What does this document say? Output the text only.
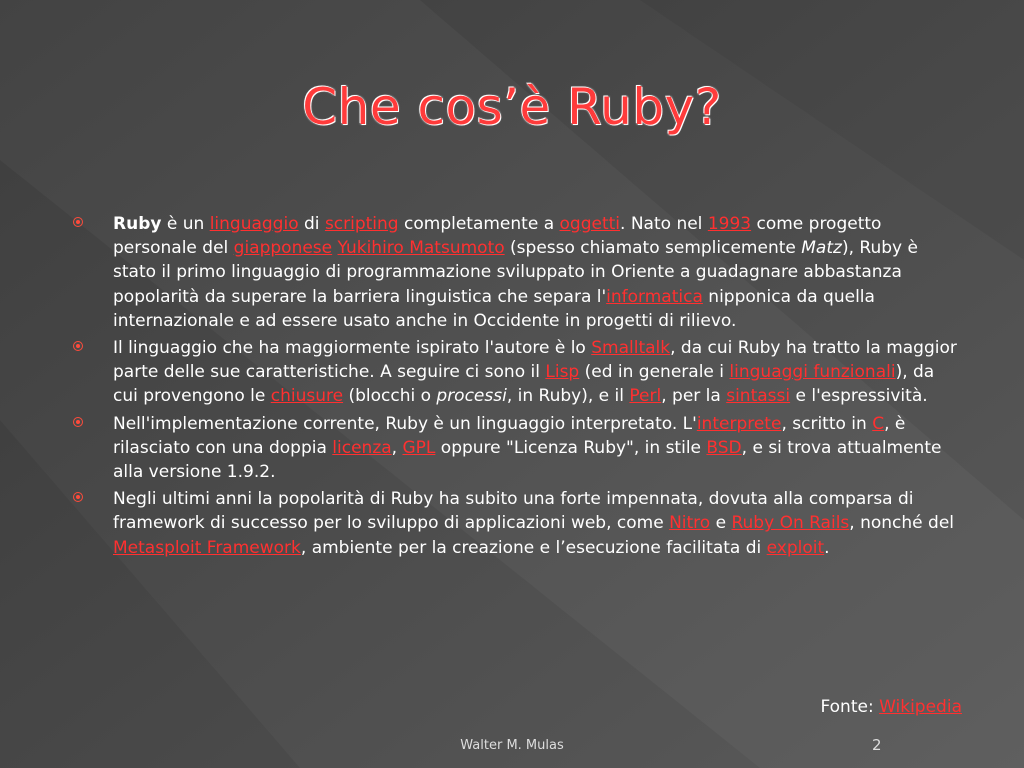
Che cos’è Ruby?
Ruby è un linguaggio di scripting completamente a oggetti. Nato nel 1993 come progetto personale del giapponese Yukihiro Matsumoto (spesso chiamato semplicemente Matz), Ruby è stato il primo linguaggio di programmazione sviluppato in Oriente a guadagnare abbastanza popolarità da superare la barriera linguistica che separa l'informatica nipponica da quella internazionale e ad essere usato anche in Occidente in progetti di rilievo.
Il linguaggio che ha maggiormente ispirato l'autore è lo Smalltalk, da cui Ruby ha tratto la maggior parte delle sue caratteristiche. A seguire ci sono il Lisp (ed in generale i linguaggi funzionali), da cui provengono le chiusure (blocchi o processi, in Ruby), e il Perl, per la sintassi e l'espressività.
Nell'implementazione corrente, Ruby è un linguaggio interpretato. L'interprete, scritto in C, è rilasciato con una doppia licenza, GPL oppure "Licenza Ruby", in stile BSD, e si trova attualmente alla versione 1.9.2.
Negli ultimi anni la popolarità di Ruby ha subito una forte impennata, dovuta alla comparsa di framework di successo per lo sviluppo di applicazioni web, come Nitro e Ruby On Rails, nonché del Metasploit Framework, ambiente per la creazione e l’esecuzione facilitata di exploit.
Fonte: Wikipedia
Walter M. Mulas	2
